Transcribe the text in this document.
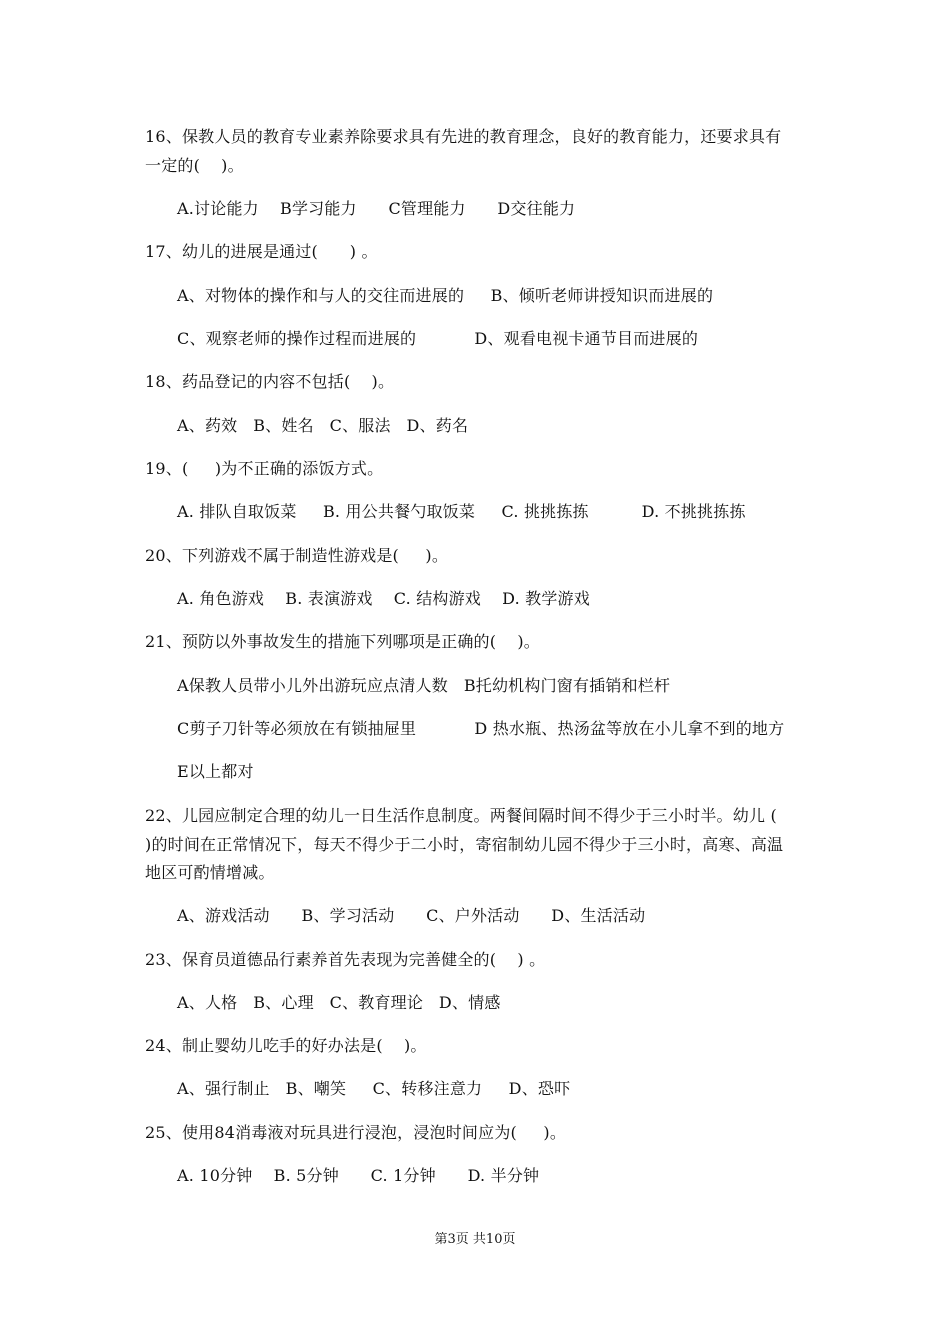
16、保教人员的教育专业素养除要求具有先进的教育理念，良好的教育能力，还要求具有
一定的(    )。
A.讨论能力    B学习能力      C管理能力      D交往能力
17、幼儿的进展是通过(      ) 。
A、对物体的操作和与人的交往而进展的     B、倾听老师讲授知识而进展的
C、观察老师的操作过程而进展的           D、观看电视卡通节目而进展的
18、药品登记的内容不包括(    )。
A、药效   B、姓名   C、服法   D、药名
19、(     )为不正确的添饭方式。
A. 排队自取饭菜     B. 用公共餐勺取饭菜     C. 挑挑拣拣          D. 不挑挑拣拣
20、下列游戏不属于制造性游戏是(     )。
A. 角色游戏    B. 表演游戏    C. 结构游戏    D. 教学游戏
21、预防以外事故发生的措施下列哪项是正确的(    )。
A保教人员带小儿外出游玩应点清人数   B托幼机构门窗有插销和栏杆
C剪子刀针等必须放在有锁抽屉里           D 热水瓶、热汤盆等放在小儿拿不到的地方
E以上都对
22、儿园应制定合理的幼儿一日生活作息制度。两餐间隔时间不得少于三小时半。幼儿 (
)的时间在正常情况下，每天不得少于二小时，寄宿制幼儿园不得少于三小时，高寒、高温
地区可酌情增减。
A、游戏活动      B、学习活动      C、户外活动      D、生活活动
23、保育员道德品行素养首先表现为完善健全的(    ) 。
A、人格   B、心理   C、教育理论   D、情感
24、制止婴幼儿吃手的好办法是(    )。
A、强行制止   B、嘲笑     C、转移注意力     D、恐吓
25、使用84消毒液对玩具进行浸泡，浸泡时间应为(     )。
A. 10分钟    B. 5分钟      C. 1分钟      D. 半分钟
第3页 共10页
